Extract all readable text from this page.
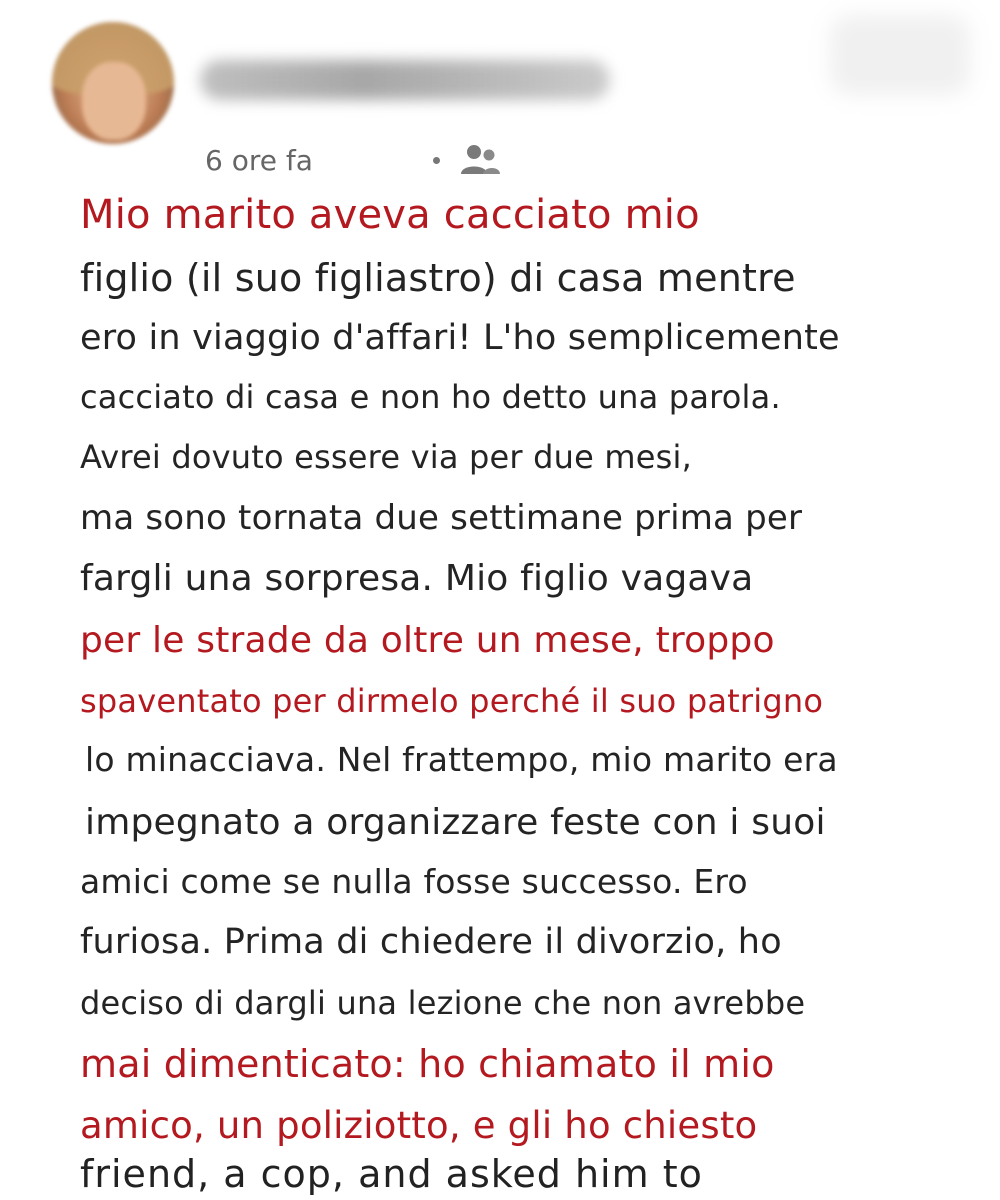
6 ore fa
Mio marito aveva cacciato mio
figlio (il suo figliastro) di casa mentre
ero in viaggio d'affari! L'ho semplicemente
cacciato di casa e non ho detto una parola.
Avrei dovuto essere via per due mesi,
ma sono tornata due settimane prima per
fargli una sorpresa. Mio figlio vagava
per le strade da oltre un mese, troppo
spaventato per dirmelo perché il suo patrigno
lo minacciava. Nel frattempo, mio marito era
impegnato a organizzare feste con i suoi
amici come se nulla fosse successo. Ero
furiosa. Prima di chiedere il divorzio, ho
deciso di dargli una lezione che non avrebbe
mai dimenticato: ho chiamato il mio
amico, un poliziotto, e gli ho chiesto
friend, a cop, and asked him to
